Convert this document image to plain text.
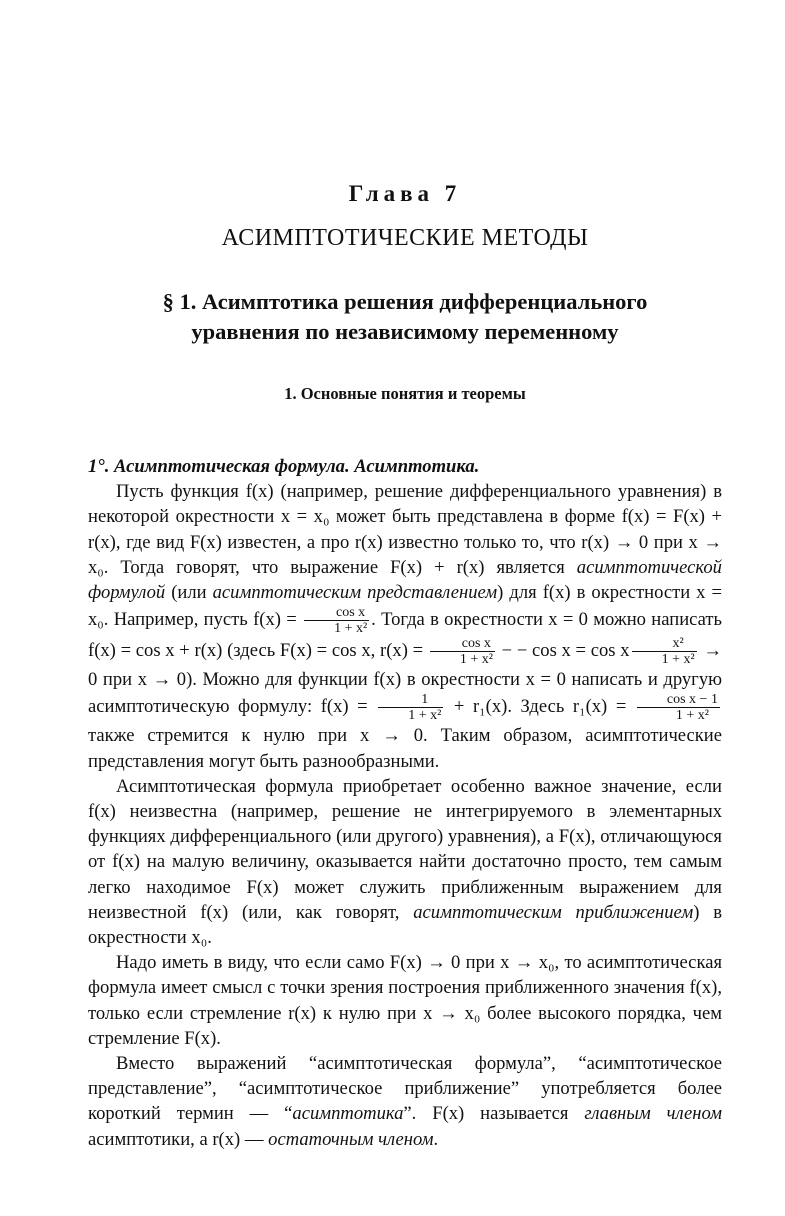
Глава 7
АСИМПТОТИЧЕСКИЕ МЕТОДЫ
§ 1. Асимптотика решения дифференциального
уравнения по независимому переменному
1. Основные понятия и теоремы

1°. Асимптотическая формула. Асимптотика.

Пусть функция f(x) (например, решение дифференциального уравнения) в некоторой окрестности x = x₀ может быть представлена в форме f(x) = F(x) + r(x), где вид F(x) известен, а про r(x) известно только то, что r(x) → 0 при x → x₀. Тогда говорят, что выражение F(x) + r(x) является асимптотической формулой (или асимптотическим представлением) для f(x) в окрестности x = x₀. Например, пусть $f(x) = \frac{\text{cos x}}{\text{1 + x²}}$ . Тогда в окрестности x = 0 можно написать f(x) = cos x + r(x) (здесь F(x) = cos x, $r(x) = \frac{\text{cos x}}{\text{1 + x²}}$ − − cos x = cos x $\frac{\text{x²}}{\text{1 + x²}} \to 0$ при x → 0). Можно для функции f(x) в окрестности x = 0 написать и другую асимптотическую формулу: $f(x) = \frac{1}{\text{1 + x²}} + r_1(x)$. Здесь $r_1(x) = \frac{\text{cos x − 1}}{\text{1 + x²}}$
также стремится к нулю при x → 0. Таким образом, асимптотические представления могут быть разнообразными.

Асимптотическая формула приобретает особенно важное значение, если f(x) неизвестна (например, решение не интегрируемого в элементарных функциях дифференциального (или другого) уравнения), а F(x), отличающуюся от f(x) на малую величину, оказывается найти достаточно просто, тем самым легко находимое F(x) может служить приближенным выражением для неизвестной f(x) (или, как говорят, асимптотическим приближением) в окрестности x₀.

Надо иметь в виду, что если само F(x) → 0 при x → x₀, то асимптотическая формула имеет смысл с точки зрения построения приближенного значения f(x), только если стремление r(x) к нулю при x → x₀ более высокого порядка, чем стремление F(x).

Вместо выражений “асимптотическая формула”, “асимптотическое представление”, “асимптотическое приближение” употребляется более короткий термин — “асимптотика”. F(x) называется главным членом асимптотики, а r(x) — остаточным членом.
